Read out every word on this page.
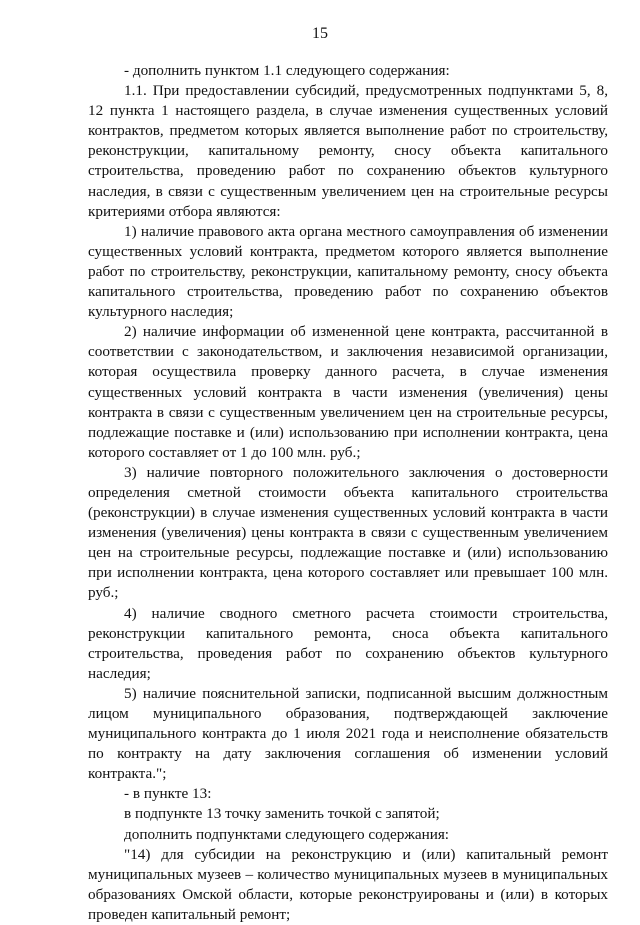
15

- дополнить пунктом 1.1 следующего содержания:

1.1. При предоставлении субсидий, предусмотренных подпунктами 5, 8, 12 пункта 1 настоящего раздела, в случае изменения существенных условий контрактов, предметом которых является выполнение работ по строительству, реконструкции, капитальному ремонту, сносу объекта капитального строительства, проведению работ по сохранению объектов культурного наследия, в связи с существенным увеличением цен на строительные ресурсы критериями отбора являются:

1) наличие правового акта органа местного самоуправления об изменении существенных условий контракта, предметом которого является выполнение работ по строительству, реконструкции, капитальному ремонту, сносу объекта капитального строительства, проведению работ по сохранению объектов культурного наследия;

2) наличие информации об измененной цене контракта, рассчитанной в соответствии с законодательством, и заключения независимой организации, которая осуществила проверку данного расчета, в случае изменения существенных условий контракта в части изменения (увеличения) цены контракта в связи с существенным увеличением цен на строительные ресурсы, подлежащие поставке и (или) использованию при исполнении контракта, цена которого составляет от 1 до 100 млн. руб.;

3) наличие повторного положительного заключения о достоверности определения сметной стоимости объекта капитального строительства (реконструкции) в случае изменения существенных условий контракта в части изменения (увеличения) цены контракта в связи с существенным увеличением цен на строительные ресурсы, подлежащие поставке и (или) использованию при исполнении контракта, цена которого составляет или превышает 100 млн. руб.;

4) наличие сводного сметного расчета стоимости строительства, реконструкции капитального ремонта, сноса объекта капитального строительства, проведения работ по сохранению объектов культурного наследия;

5) наличие пояснительной записки, подписанной высшим должностным лицом муниципального образования, подтверждающей заключение муниципального контракта до 1 июля 2021 года и неисполнение обязательств по контракту на дату заключения соглашения об изменении условий контракта.";

- в пункте 13:

в подпункте 13 точку заменить точкой с запятой;

дополнить подпунктами следующего содержания:

"14) для субсидии на реконструкцию и (или) капитальный ремонт муниципальных музеев – количество муниципальных музеев в муниципальных образованиях Омской области, которые реконструированы и (или) в которых проведен капитальный ремонт;
